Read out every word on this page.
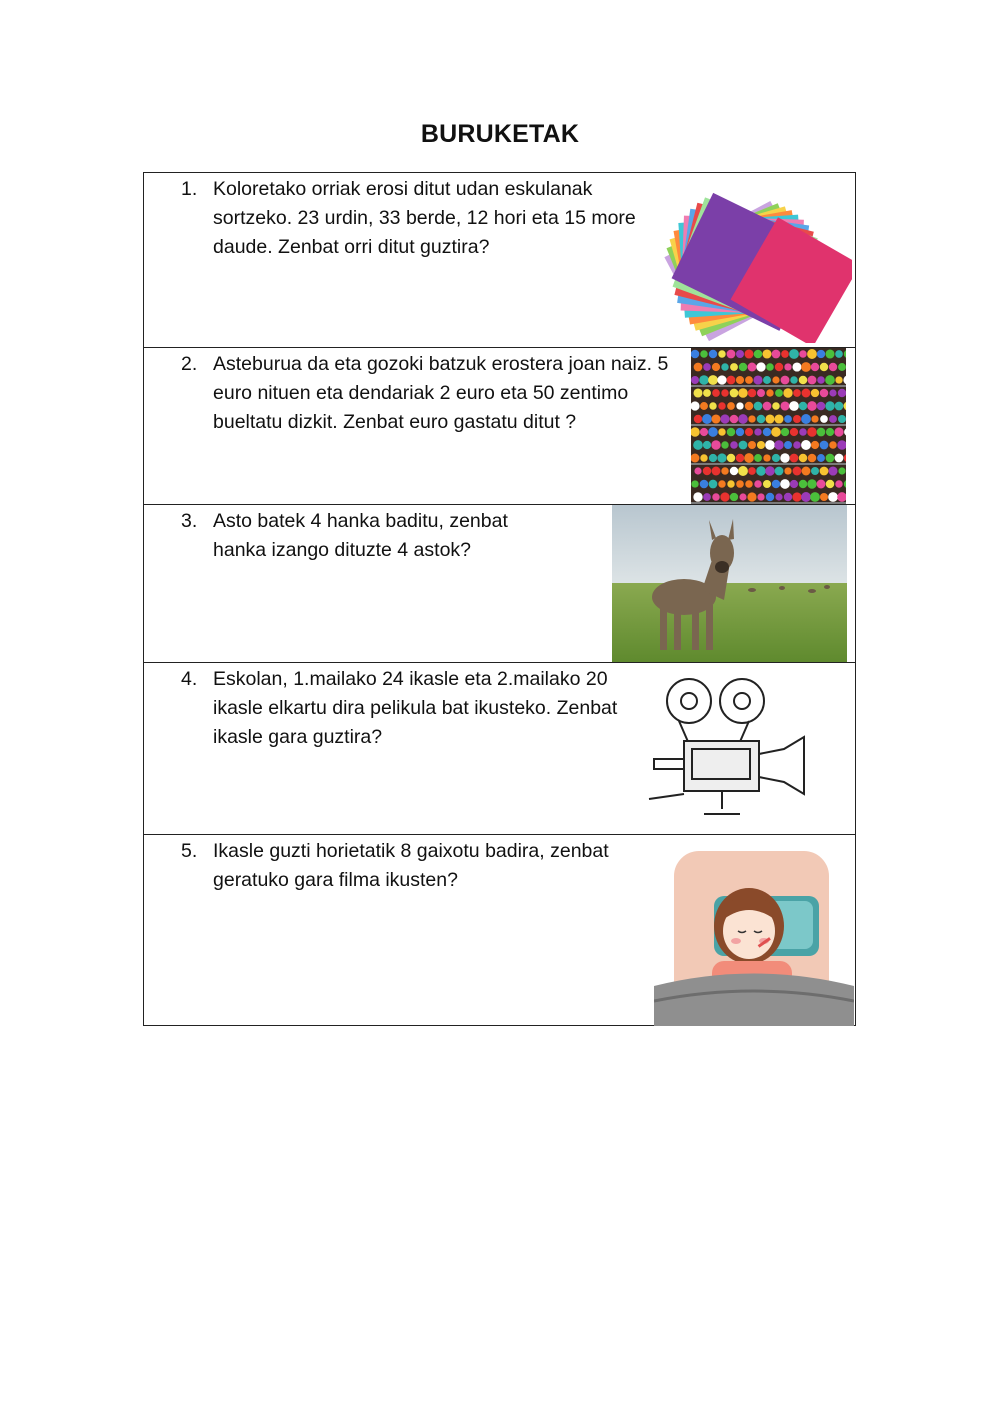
BURUKETAK
1. Koloretako orriak erosi ditut udan eskulanak sortzeko. 23 urdin, 33 berde, 12 hori eta 15 more daude. Zenbat orri ditut guztira?
2. Asteburua da eta gozoki batzuk erostera joan naiz. 5 euro nituen eta dendariak 2 euro eta 50 zentimo bueltatu dizkit. Zenbat euro gastatu ditut ?
3. Asto batek 4 hanka baditu, zenbat hanka izango dituzte 4 astok?
4. Eskolan, 1.mailako 24 ikasle eta 2.mailako 20 ikasle elkartu dira pelikula bat ikusteko. Zenbat ikasle gara guztira?
5. Ikasle guzti horietatik 8 gaixotu badira, zenbat geratuko gara filma ikusten?
